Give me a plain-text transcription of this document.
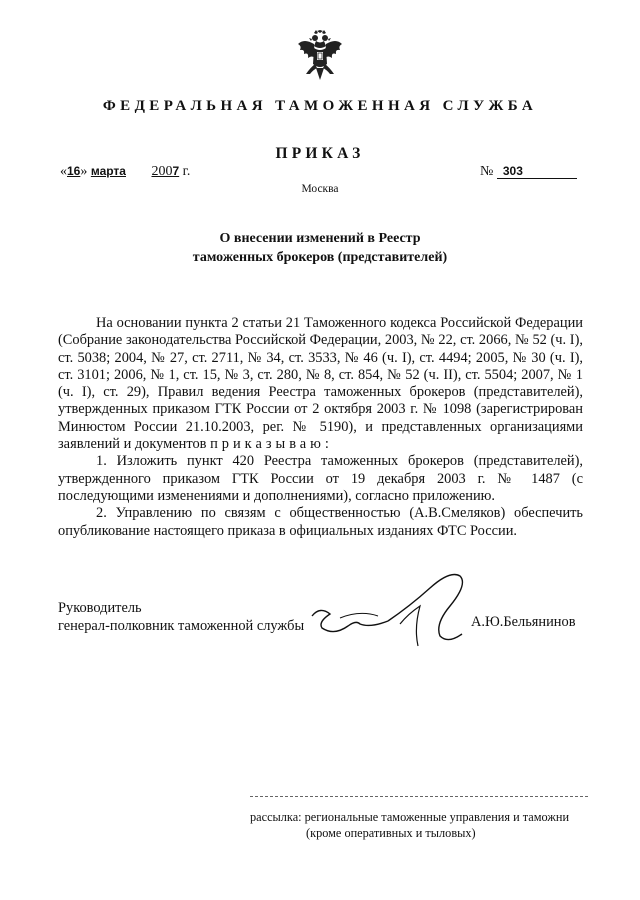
ФЕДЕРАЛЬНАЯ ТАМОЖЕННАЯ СЛУЖБА
ПРИКАЗ
«16» марта 2007 г.	№ 303
Москва
О внесении изменений в Реестр
таможенных брокеров (представителей)

На основании пункта 2 статьи 21 Таможенного кодекса Российской Федерации (Собрание законодательства Российской Федерации, 2003, № 22, ст. 2066, № 52 (ч. I), ст. 5038; 2004, № 27, ст. 2711, № 34, ст. 3533, № 46 (ч. I), ст. 4494; 2005, № 30 (ч. I), ст. 3101; 2006, № 1, ст. 15, № 3, ст. 280, № 8, ст. 854, № 52 (ч. II), ст. 5504; 2007, № 1 (ч. I), ст. 29), Правил ведения Реестра таможенных брокеров (представителей), утвержденных приказом ГТК России от 2 октября 2003 г. № 1098 (зарегистрирован Минюстом России 21.10.2003, рег. № 5190), и представленных организациями заявлений и документов приказываю:

1. Изложить пункт 420 Реестра таможенных брокеров (представителей), утвержденного приказом ГТК России от 19 декабря 2003 г. № 1487 (с последующими изменениями и дополнениями), согласно приложению.

2. Управлению по связям с общественностью (А.В.Смеляков) обеспечить опубликование настоящего приказа в официальных изданиях ФТС России.

Руководитель
генерал-полковник таможенной службы	А.Ю.Бельянинов
рассылка: региональные таможенные управления и таможни
(кроме оперативных и тыловых)
